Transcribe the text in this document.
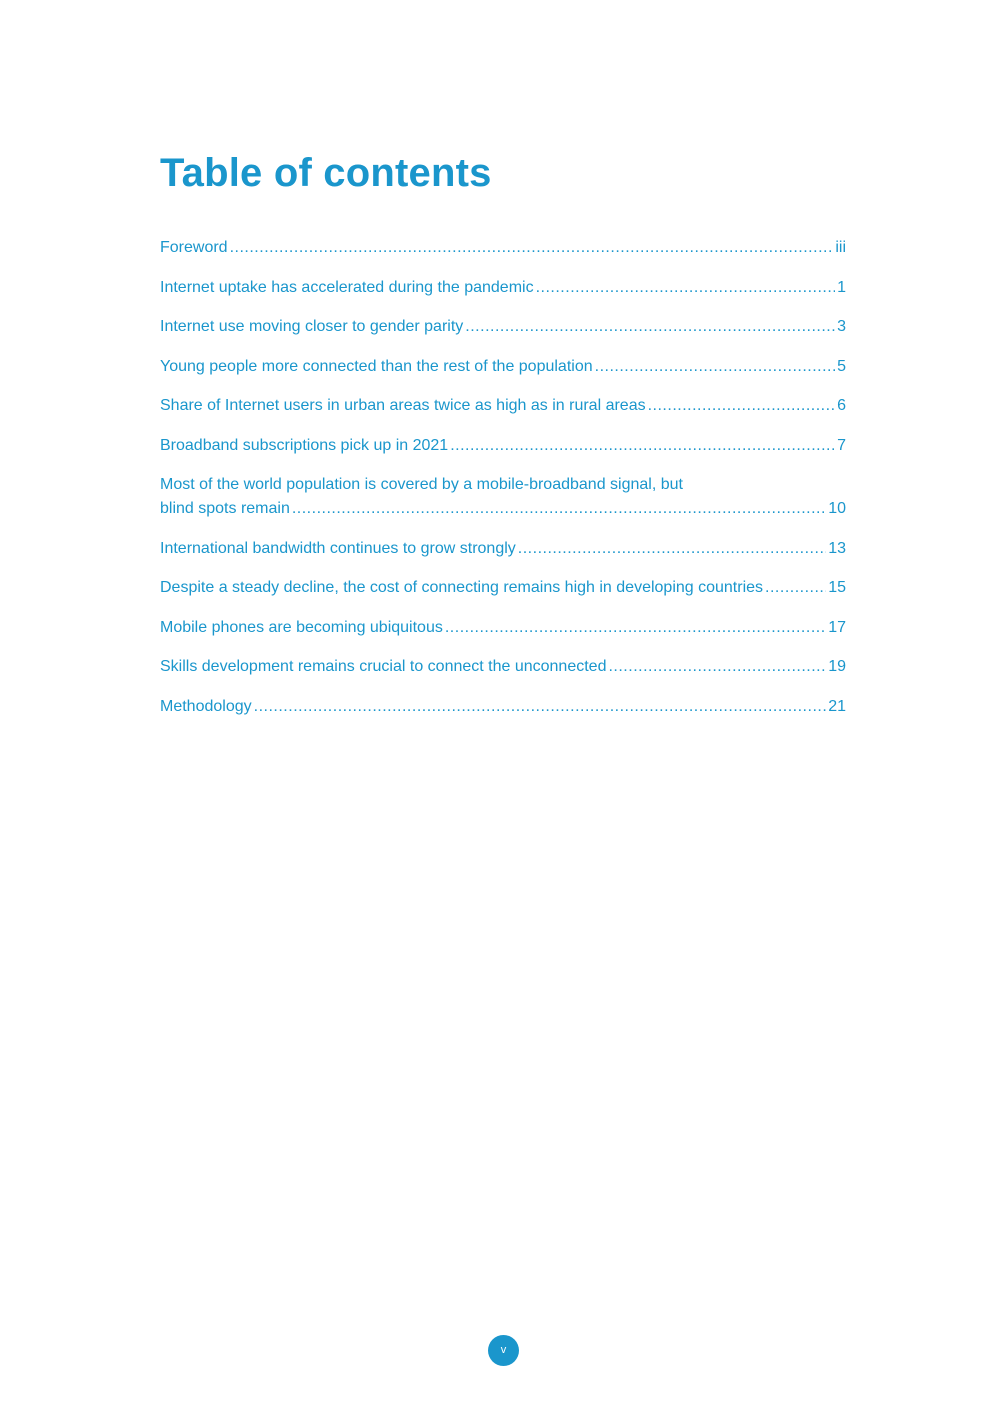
Table of contents
Foreword .....	iii
Internet uptake has accelerated during the pandemic .....	1
Internet use moving closer to gender parity .....	3
Young people more connected than the rest of the population .....	5
Share of Internet users in urban areas twice as high as in rural areas .....	6
Broadband subscriptions pick up in 2021 .....	7
Most of the world population is covered by a mobile-broadband signal, but
blind spots remain .....	10
International bandwidth continues to grow strongly .....	13
Despite a steady decline, the cost of connecting remains high in developing countries .....	15
Mobile phones are becoming ubiquitous .....	17
Skills development remains crucial to connect the unconnected .....	19
Methodology .....	21
v
